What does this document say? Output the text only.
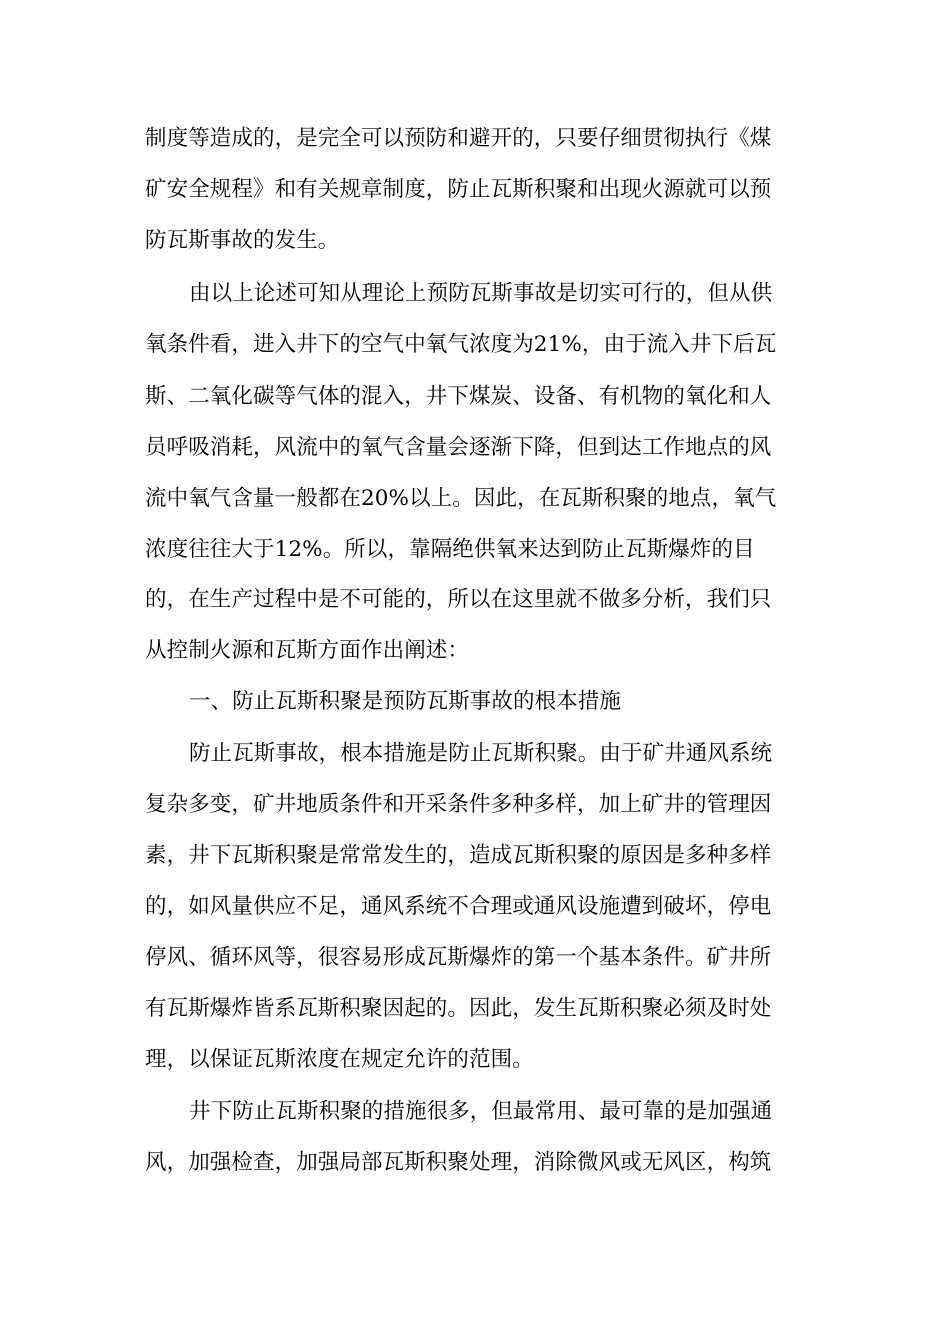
制度等造成的，是完全可以预防和避开的，只要仔细贯彻执行《煤
矿安全规程》和有关规章制度，防止瓦斯积聚和出现火源就可以预
防瓦斯事故的发生。
由以上论述可知从理论上预防瓦斯事故是切实可行的，但从供
氧条件看，进入井下的空气中氧气浓度为21%，由于流入井下后瓦
斯、二氧化碳等气体的混入，井下煤炭、设备、有机物的氧化和人
员呼吸消耗，风流中的氧气含量会逐渐下降，但到达工作地点的风
流中氧气含量一般都在20%以上。因此，在瓦斯积聚的地点，氧气
浓度往往大于12%。所以，靠隔绝供氧来达到防止瓦斯爆炸的目
的，在生产过程中是不可能的，所以在这里就不做多分析，我们只
从控制火源和瓦斯方面作出阐述：
一、防止瓦斯积聚是预防瓦斯事故的根本措施
防止瓦斯事故，根本措施是防止瓦斯积聚。由于矿井通风系统
复杂多变，矿井地质条件和开采条件多种多样，加上矿井的管理因
素，井下瓦斯积聚是常常发生的，造成瓦斯积聚的原因是多种多样
的，如风量供应不足，通风系统不合理或通风设施遭到破坏，停电
停风、循环风等，很容易形成瓦斯爆炸的第一个基本条件。矿井所
有瓦斯爆炸皆系瓦斯积聚因起的。因此，发生瓦斯积聚必须及时处
理，以保证瓦斯浓度在规定允许的范围。
井下防止瓦斯积聚的措施很多，但最常用、最可靠的是加强通
风，加强检查，加强局部瓦斯积聚处理，消除微风或无风区，构筑
